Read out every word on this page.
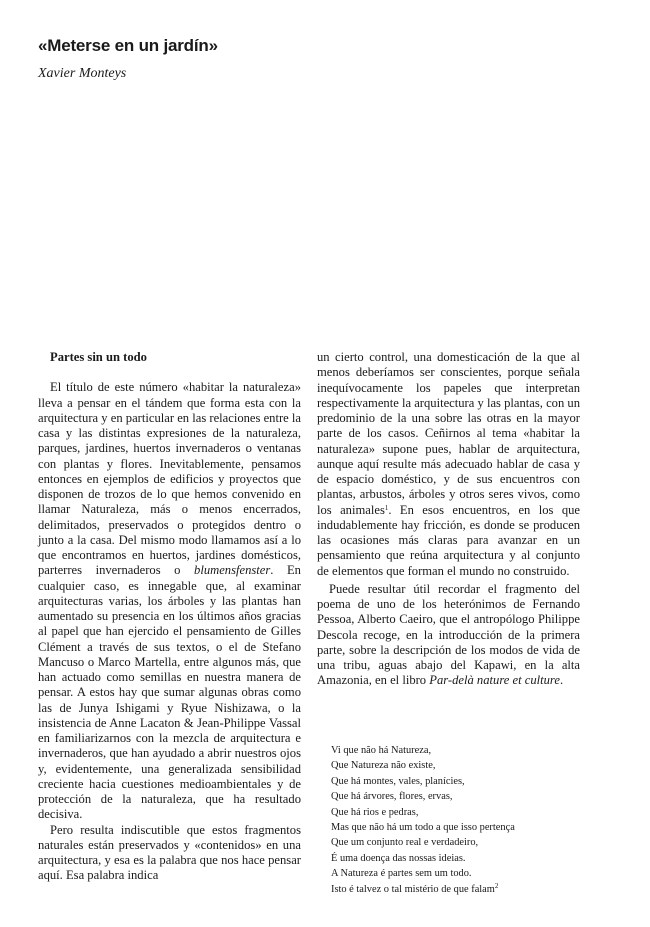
«Meterse en un jardín»

Xavier Monteys

Partes sin un todo

El título de este número «habitar la naturaleza» lleva a pensar en el tándem que forma esta con la arquitectura y en particular en las relaciones entre la casa y las distintas expresiones de la naturaleza, parques, jardines, huertos invernaderos o ventanas con plantas y flores. Inevitablemente, pensamos entonces en ejemplos de edificios y proyectos que disponen de trozos de lo que hemos convenido en llamar Naturaleza, más o menos encerrados, delimitados, preservados o protegidos dentro o junto a la casa. Del mismo modo llamamos así a lo que encontramos en huertos, jardines domésticos, parterres invernaderos o blumensfenster. En cualquier caso, es innegable que, al examinar arquitecturas varias, los árboles y las plantas han aumentado su presencia en los últimos años gracias al papel que han ejercido el pensamiento de Gilles Clément a través de sus textos, o el de Stefano Mancuso o Marco Martella, entre algunos más, que han actuado como semillas en nuestra manera de pensar. A estos hay que sumar algunas obras como las de Junya Ishigami y Ryue Nishizawa, o la insistencia de Anne Lacaton & Jean-Philippe Vassal en familiarizarnos con la mezcla de arquitectura e invernaderos, que han ayudado a abrir nuestros ojos y, evidentemente, una generalizada sensibilidad creciente hacia cuestiones medioambientales y de protección de la naturaleza, que ha resultado decisiva.

Pero resulta indiscutible que estos fragmentos naturales están preservados y «contenidos» en una arquitectura, y esa es la palabra que nos hace pensar aquí. Esa palabra indica

un cierto control, una domesticación de la que al menos deberíamos ser conscientes, porque señala inequívocamente los papeles que interpretan respectivamente la arquitectura y las plantas, con un predominio de la una sobre las otras en la mayor parte de los casos. Ceñirnos al tema «habitar la naturaleza» supone pues, hablar de arquitectura, aunque aquí resulte más adecuado hablar de casa y de espacio doméstico, y de sus encuentros con plantas, arbustos, árboles y otros seres vivos, como los animales$^1$. En esos encuentros, en los que indudablemente hay fricción, es donde se producen las ocasiones más claras para avanzar en un pensamiento que reúna arquitectura y al conjunto de elementos que forman el mundo no construido.

Puede resultar útil recordar el fragmento del poema de uno de los heterónimos de Fernando Pessoa, Alberto Caeiro, que el antropólogo Philippe Descola recoge, en la introducción de la primera parte, sobre la descripción de los modos de vida de una tribu, aguas abajo del Kapawi, en la alta Amazonia, en el libro Par-delà nature et culture.

Vi que não há Natureza,
Que Natureza não existe,
Que há montes, vales, planícies,
Que há árvores, flores, ervas,
Que há rios e pedras,
Mas que não há um todo a que isso pertença
Que um conjunto real e verdadeiro,
É uma doença das nossas ideias.
A Natureza é partes sem um todo.
Isto é talvez o tal mistério de que falam$^2$
